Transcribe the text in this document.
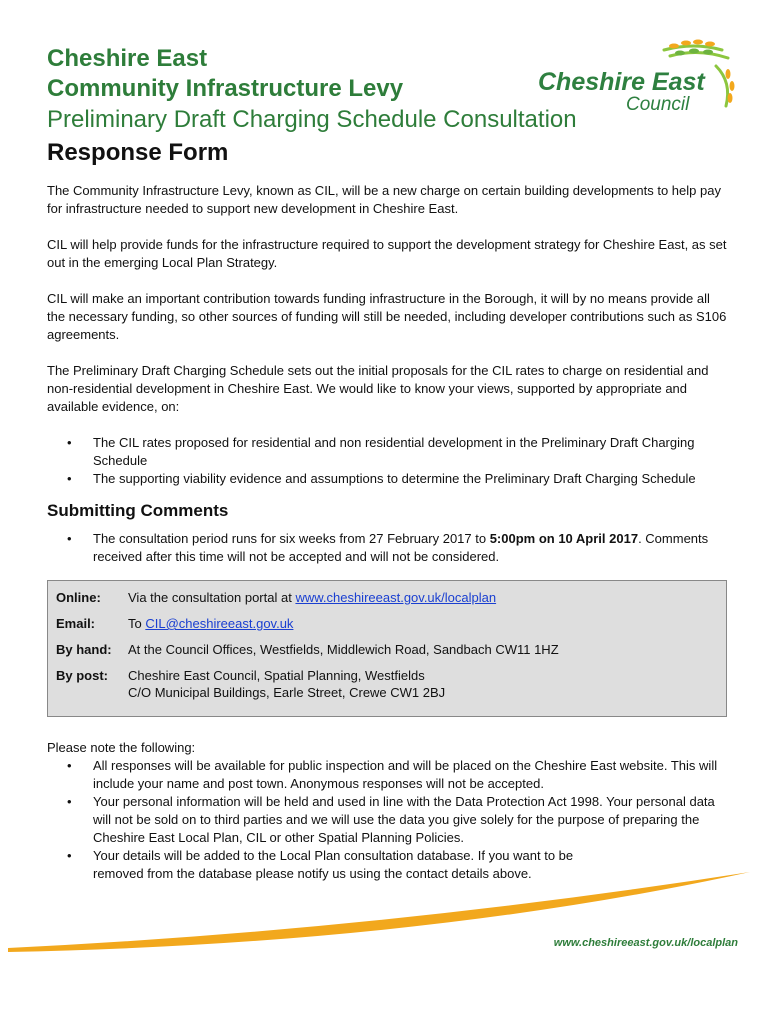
Cheshire East
Community Infrastructure Levy
Preliminary Draft Charging Schedule Consultation
Response Form
Cheshire East
Council

The Community Infrastructure Levy, known as CIL, will be a new charge on certain building developments to help pay for infrastructure needed to support new development in Cheshire East.

CIL will help provide funds for the infrastructure required to support the development strategy for Cheshire East, as set out in the emerging Local Plan Strategy.

CIL will make an important contribution towards funding infrastructure in the Borough, it will by no means provide all the necessary funding, so other sources of funding will still be needed, including developer contributions such as S106 agreements.

The Preliminary Draft Charging Schedule sets out the initial proposals for the CIL rates to charge on residential and non-residential development in Cheshire East. We would like to know your views, supported by appropriate and available evidence, on:

• The CIL rates proposed for residential and non residential development in the Preliminary Draft Charging Schedule
• The supporting viability evidence and assumptions to determine the Preliminary Draft Charging Schedule
Submitting Comments
• The consultation period runs for six weeks from 27 February 2017 to 5:00pm on 10 April 2017. Comments received after this time will not be accepted and will not be considered.
Online:	Via the consultation portal at www.cheshireeast.gov.uk/localplan
Email:	To CIL@cheshireeast.gov.uk
By hand:	At the Council Offices, Westfields, Middlewich Road, Sandbach CW11 1HZ
By post:	Cheshire East Council, Spatial Planning, Westfields
C/O Municipal Buildings, Earle Street, Crewe CW1 2BJ
Please note the following:
• All responses will be available for public inspection and will be placed on the Cheshire East website. This will include your name and post town. Anonymous responses will not be accepted.
• Your personal information will be held and used in line with the Data Protection Act 1998. Your personal data will not be sold on to third parties and we will use the data you give solely for the purpose of preparing the Cheshire East Local Plan, CIL or other Spatial Planning Policies.
• Your details will be added to the Local Plan consultation database. If you want to be removed from the database please notify us using the contact details above.
www.cheshireeast.gov.uk/localplan
